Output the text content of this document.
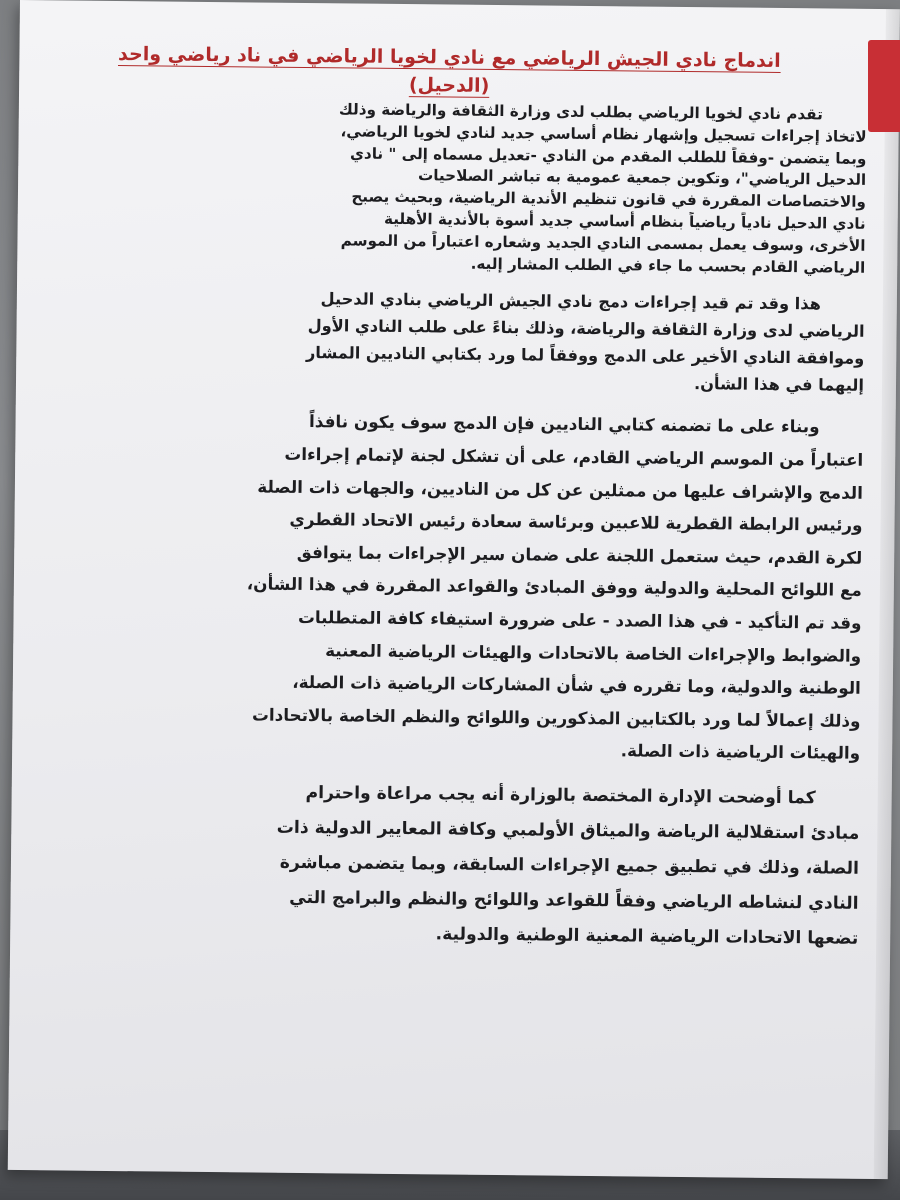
اندماج نادي الجيش الرياضي مع نادي لخويا الرياضي في ناد رياضي واحد
(الدحيل)
تقدم نادي لخويا الرياضي بطلب لدى وزارة الثقافة والرياضة وذلك
لاتخاذ إجراءات تسجيل وإشهار نظام أساسي جديد لنادي لخويا الرياضي،
وبما يتضمن -وفقاً للطلب المقدم من النادي -تعديل مسماه إلى " نادي
الدحيل الرياضي"، وتكوين جمعية عمومية به تباشر الصلاحيات
والاختصاصات المقررة في قانون تنظيم الأندية الرياضية، وبحيث يصبح
نادي الدحيل نادياً رياضياً بنظام أساسي جديد أسوة بالأندية الأهلية
الأخرى، وسوف يعمل بمسمى النادي الجديد وشعاره اعتباراً من الموسم
الرياضي القادم بحسب ما جاء في الطلب المشار إليه.
هذا وقد تم قيد إجراءات دمج نادي الجيش الرياضي بنادي الدحيل
الرياضي لدى وزارة الثقافة والرياضة، وذلك بناءً على طلب النادي الأول
وموافقة النادي الأخير على الدمج ووفقاً لما ورد بكتابي الناديين المشار
إليهما في هذا الشأن.
وبناء على ما تضمنه كتابي الناديين فإن الدمج سوف يكون نافذاً
اعتباراً من الموسم الرياضي القادم، على أن تشكل لجنة لإتمام إجراءات
الدمج والإشراف عليها من ممثلين عن كل من الناديين، والجهات ذات الصلة
ورئيس الرابطة القطرية للاعبين وبرئاسة سعادة رئيس الاتحاد القطري
لكرة القدم، حيث ستعمل اللجنة على ضمان سير الإجراءات بما يتوافق
مع اللوائح المحلية والدولية ووفق المبادئ والقواعد المقررة في هذا الشأن،
وقد تم التأكيد - في هذا الصدد - على ضرورة استيفاء كافة المتطلبات
والضوابط والإجراءات الخاصة بالاتحادات والهيئات الرياضية المعنية
الوطنية والدولية، وما تقرره في شأن المشاركات الرياضية ذات الصلة،
وذلك إعمالاً لما ورد بالكتابين المذكورين واللوائح والنظم الخاصة بالاتحادات
والهيئات الرياضية ذات الصلة.
كما أوضحت الإدارة المختصة بالوزارة أنه يجب مراعاة واحترام
مبادئ استقلالية الرياضة والميثاق الأولمبي وكافة المعايير الدولية ذات
الصلة، وذلك في تطبيق جميع الإجراءات السابقة، وبما يتضمن مباشرة
النادي لنشاطه الرياضي وفقاً للقواعد واللوائح والنظم والبرامج التي
تضعها الاتحادات الرياضية المعنية الوطنية والدولية.
